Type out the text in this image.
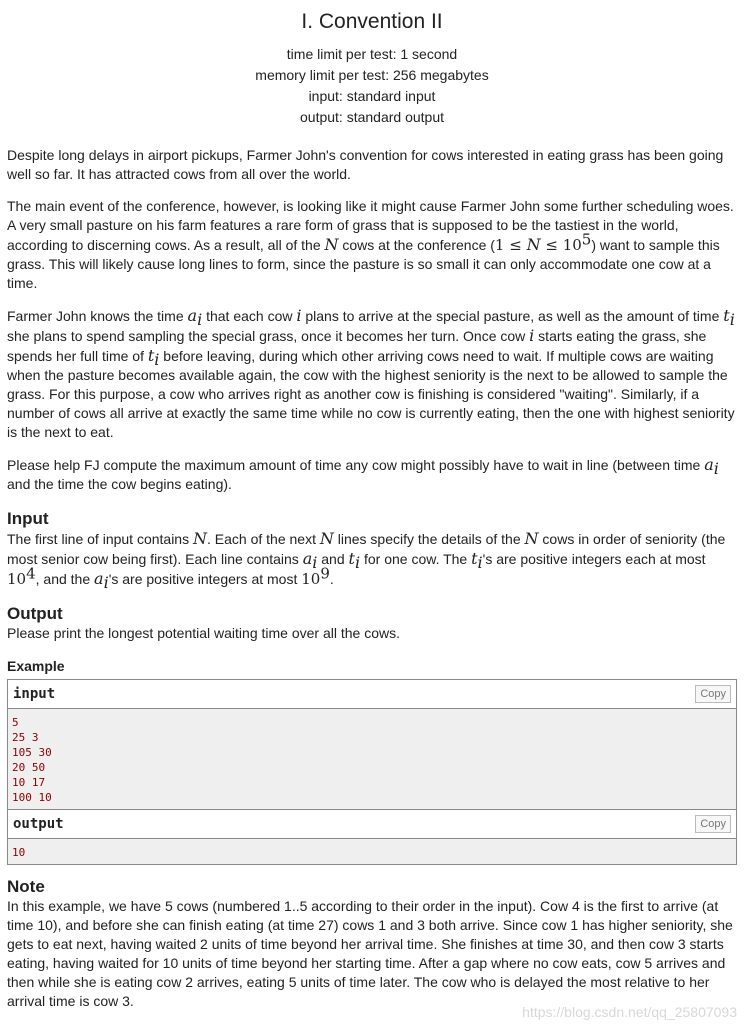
I. Convention II
time limit per test: 1 second
memory limit per test: 256 megabytes
input: standard input
output: standard output

Despite long delays in airport pickups, Farmer John's convention for cows interested in eating grass has been going well so far. It has attracted cows from all over the world.

The main event of the conference, however, is looking like it might cause Farmer John some further scheduling woes. A very small pasture on his farm features a rare form of grass that is supposed to be the tastiest in the world, according to discerning cows. As a result, all of the N cows at the conference $(1 \le N \le 10^5)$ want to sample this grass. This will likely cause long lines to form, since the pasture is so small it can only accommodate one cow at a time.

Farmer John knows the time $a_i$ that each cow i plans to arrive at the special pasture, as well as the amount of time $t_i$ she plans to spend sampling the special grass, once it becomes her turn. Once cow i starts eating the grass, she spends her full time of $t_i$ before leaving, during which other arriving cows need to wait. If multiple cows are waiting when the pasture becomes available again, the cow with the highest seniority is the next to be allowed to sample the grass. For this purpose, a cow who arrives right as another cow is finishing is considered "waiting". Similarly, if a number of cows all arrive at exactly the same time while no cow is currently eating, then the one with highest seniority is the next to eat.

Please help FJ compute the maximum amount of time any cow might possibly have to wait in line (between time $a_i$ and the time the cow begins eating).

Input

The first line of input contains N. Each of the next N lines specify the details of the N cows in order of seniority (the most senior cow being first). Each line contains $a_i$ and $t_i$ for one cow. The $t_i's$ are positive integers each at most $10^4$, and the $a_i's$ are positive integers at most $10^9$.

Output

Please print the longest potential waiting time over all the cows.

Example
input	Copy
5
25 3
105 30
20 50
10 17
100 10
output	Copy
10
Note

In this example, we have 5 cows (numbered 1..5 according to their order in the input). Cow 4 is the first to arrive (at time 10), and before she can finish eating (at time 27) cows 1 and 3 both arrive. Since cow 1 has higher seniority, she gets to eat next, having waited 2 units of time beyond her arrival time. She finishes at time 30, and then cow 3 starts eating, having waited for 10 units of time beyond her starting time. After a gap where no cow eats, cow 5 arrives and then while she is eating cow 2 arrives, eating 5 units of time later. The cow who is delayed the most relative to her arrival time is cow 3.

https://blog.csdn.net/qq_25807093
